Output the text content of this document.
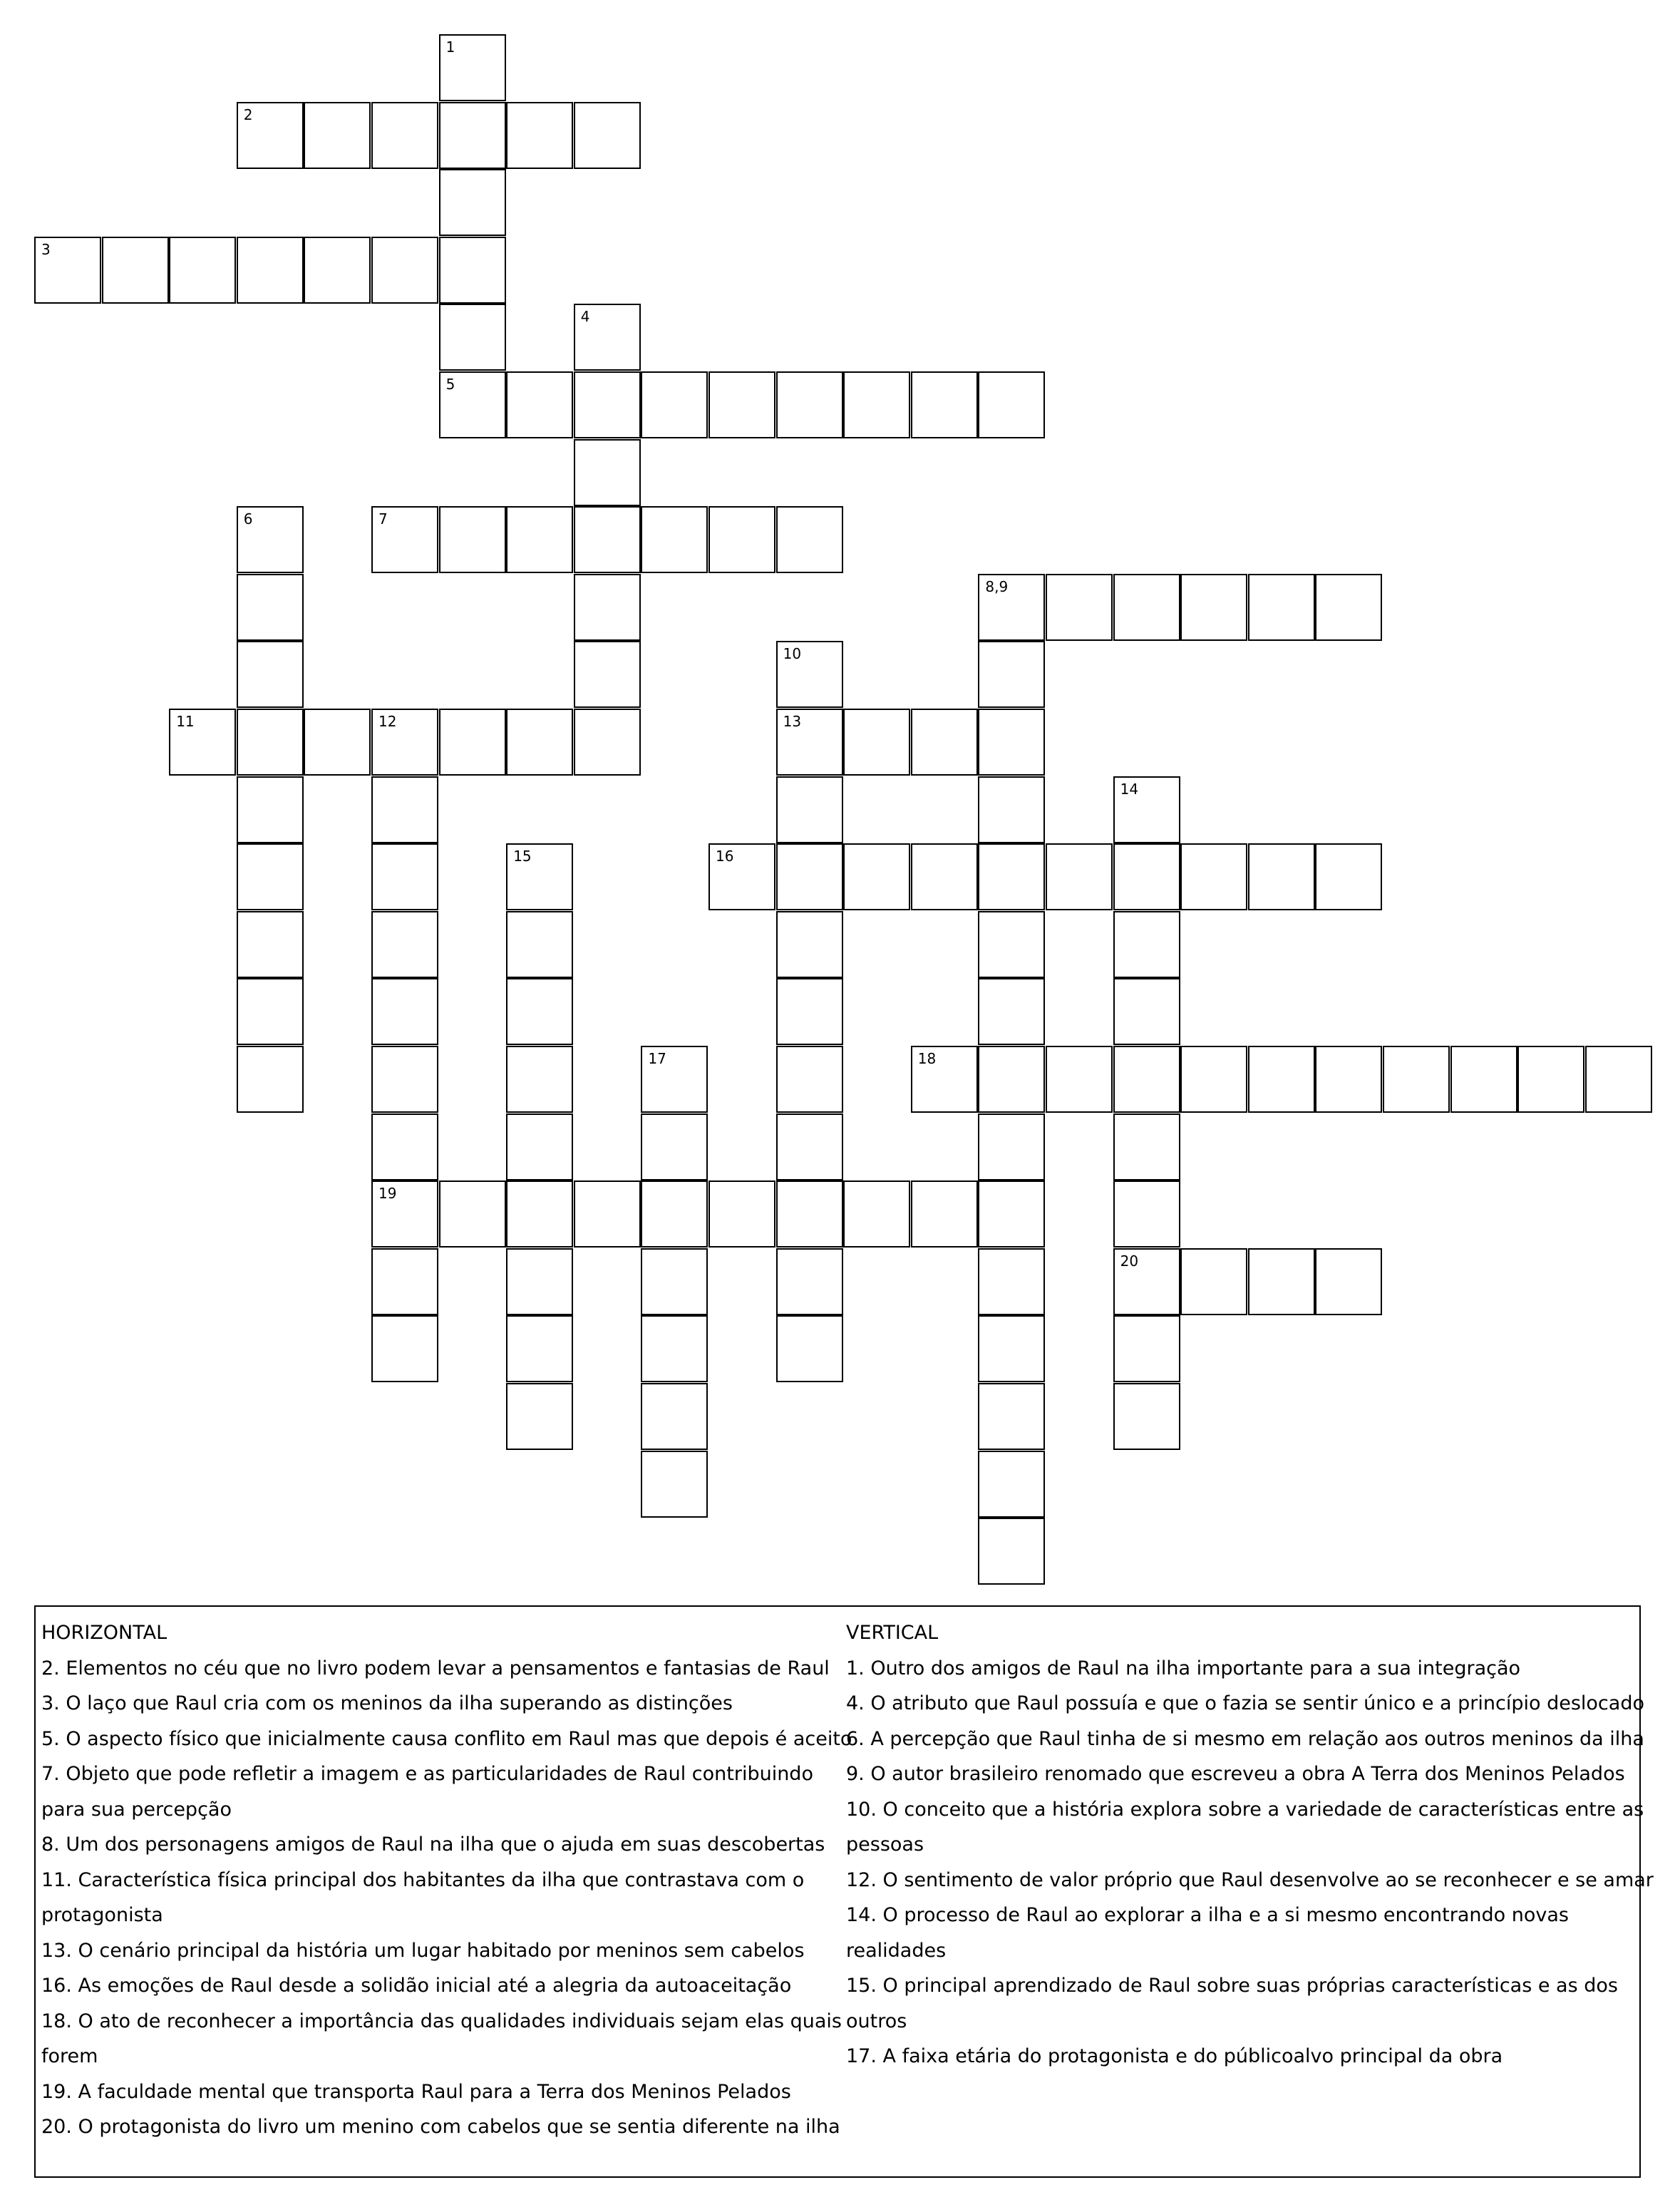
1
2
3
4
5
6	7
8,9
10
11	12	13
14
15	16
17	18
19
20
HORIZONTAL
2. Elementos no céu que no livro podem levar a pensamentos e fantasias de Raul
3. O laço que Raul cria com os meninos da ilha superando as distinções
5. O aspecto físico que inicialmente causa conflito em Raul mas que depois é aceito
7. Objeto que pode refletir a imagem e as particularidades de Raul contribuindo
para sua percepção
8. Um dos personagens amigos de Raul na ilha que o ajuda em suas descobertas
11. Característica física principal dos habitantes da ilha que contrastava com o
protagonista
13. O cenário principal da história um lugar habitado por meninos sem cabelos
16. As emoções de Raul desde a solidão inicial até a alegria da autoaceitação
18. O ato de reconhecer a importância das qualidades individuais sejam elas quais
forem
19. A faculdade mental que transporta Raul para a Terra dos Meninos Pelados
20. O protagonista do livro um menino com cabelos que se sentia diferente na ilha
VERTICAL
1. Outro dos amigos de Raul na ilha importante para a sua integração
4. O atributo que Raul possuía e que o fazia se sentir único e a princípio deslocado
6. A percepção que Raul tinha de si mesmo em relação aos outros meninos da ilha
9. O autor brasileiro renomado que escreveu a obra A Terra dos Meninos Pelados
10. O conceito que a história explora sobre a variedade de características entre as
pessoas
12. O sentimento de valor próprio que Raul desenvolve ao se reconhecer e se amar
14. O processo de Raul ao explorar a ilha e a si mesmo encontrando novas
realidades
15. O principal aprendizado de Raul sobre suas próprias características e as dos
outros
17. A faixa etária do protagonista e do públicoalvo principal da obra
